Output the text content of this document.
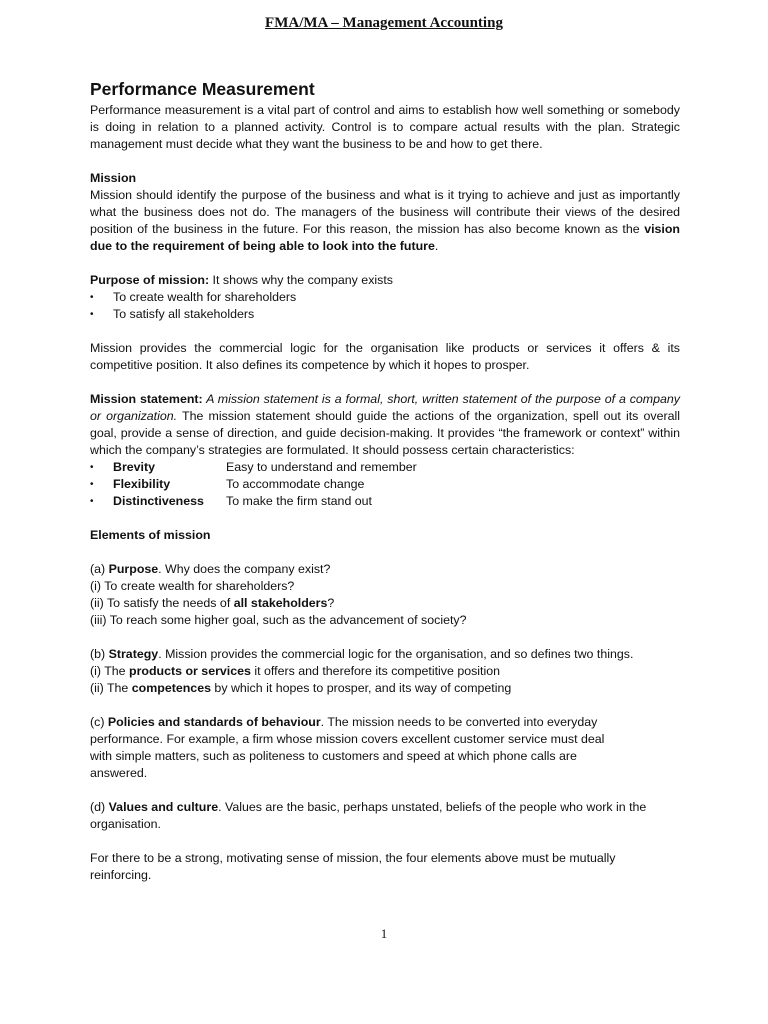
FMA/MA – Management Accounting
Performance Measurement

Performance measurement is a vital part of control and aims to establish how well something or somebody is doing in relation to a planned activity. Control is to compare actual results with the plan. Strategic management must decide what they want the business to be and how to get there.

Mission

Mission should identify the purpose of the business and what is it trying to achieve and just as importantly what the business does not do. The managers of the business will contribute their views of the desired position of the business in the future. For this reason, the mission has also become known as the vision due to the requirement of being able to look into the future.

Purpose of mission: It shows why the company exists

• To create wealth for shareholders
• To satisfy all stakeholders

Mission provides the commercial logic for the organisation like products or services it offers & its competitive position. It also defines its competence by which it hopes to prosper.

Mission statement: A mission statement is a formal, short, written statement of the purpose of a company or organization. The mission statement should guide the actions of the organization, spell out its overall goal, provide a sense of direction, and guide decision-making. It provides “the framework or context” within which the company’s strategies are formulated. It should possess certain characteristics:

• Brevity	Easy to understand and remember
• Flexibility	To accommodate change
• Distinctiveness To make the firm stand out

Elements of mission

(a) Purpose. Why does the company exist?

(i) To create wealth for shareholders?

(ii) To satisfy the needs of all stakeholders?

(iii) To reach some higher goal, such as the advancement of society?

(b) Strategy. Mission provides the commercial logic for the organisation, and so defines two things.

(i) The products or services it offers and therefore its competitive position

(ii) The competences by which it hopes to prosper, and its way of competing

(c) Policies and standards of behaviour. The mission needs to be converted into everyday

performance. For example, a firm whose mission covers excellent customer service must deal

with simple matters, such as politeness to customers and speed at which phone calls are

answered.

(d) Values and culture. Values are the basic, perhaps unstated, beliefs of the people who work in the

organisation.

For there to be a strong, motivating sense of mission, the four elements above must be mutually

reinforcing.

1
